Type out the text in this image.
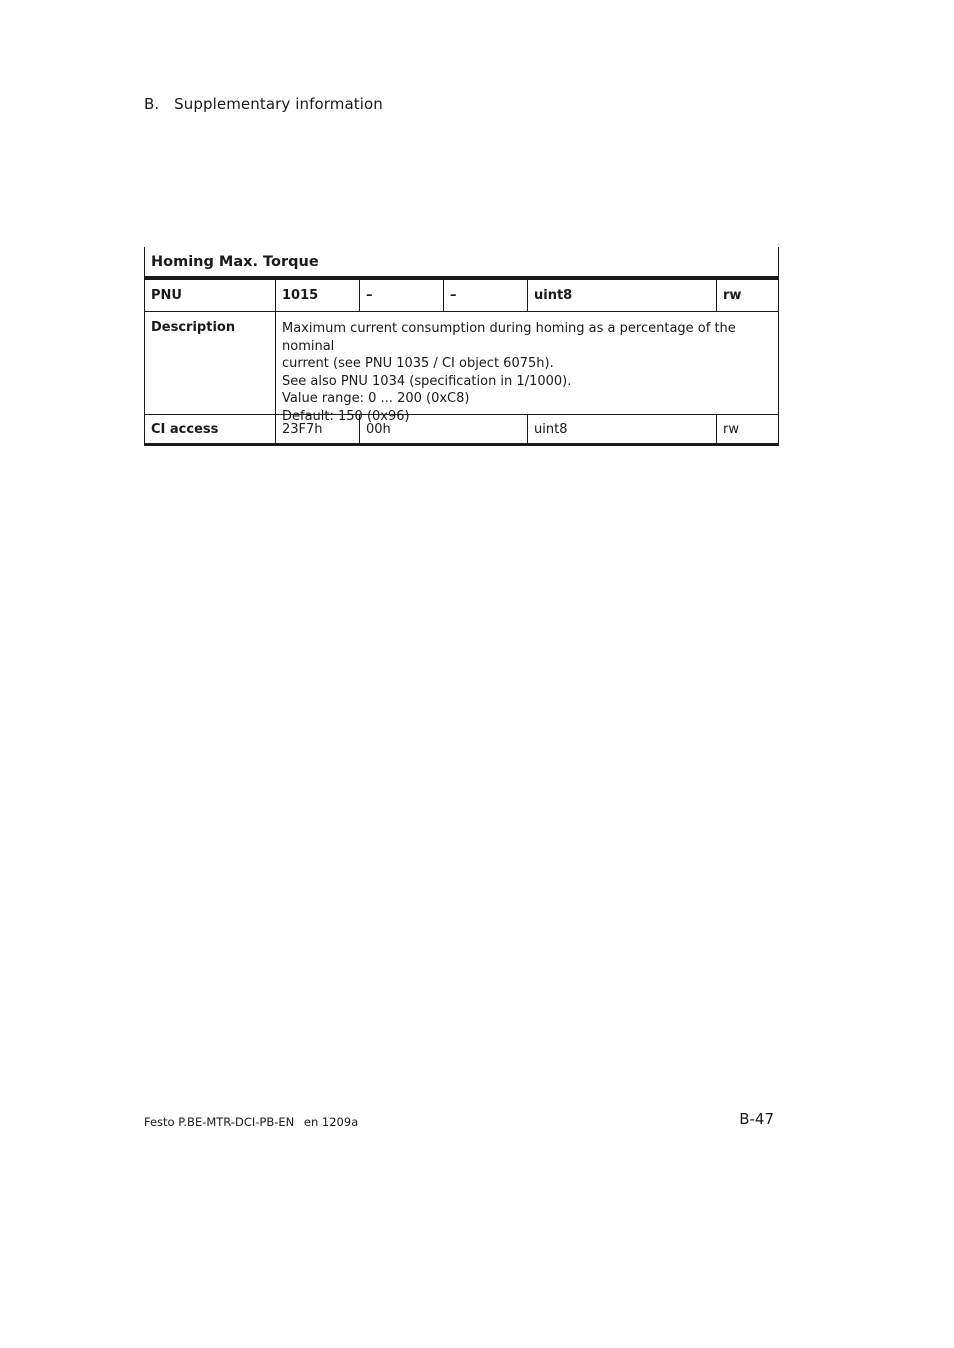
B. Supplementary information
Homing Max. Torque
PNU	1015	–	–	uint8	rw
Description	Maximum current consumption during homing as a percentage of the nominal
current (see PNU 1035 / CI object 6075h).
See also PNU 1034 (specification in 1/1000).
Value range: 0 ... 200 (0xC8)
Default: 150 (0x96)
CI access	23F7h	00h	uint8	rw
Festo P.BE-MTR-DCI-PB-EN en 1209a	B-47
